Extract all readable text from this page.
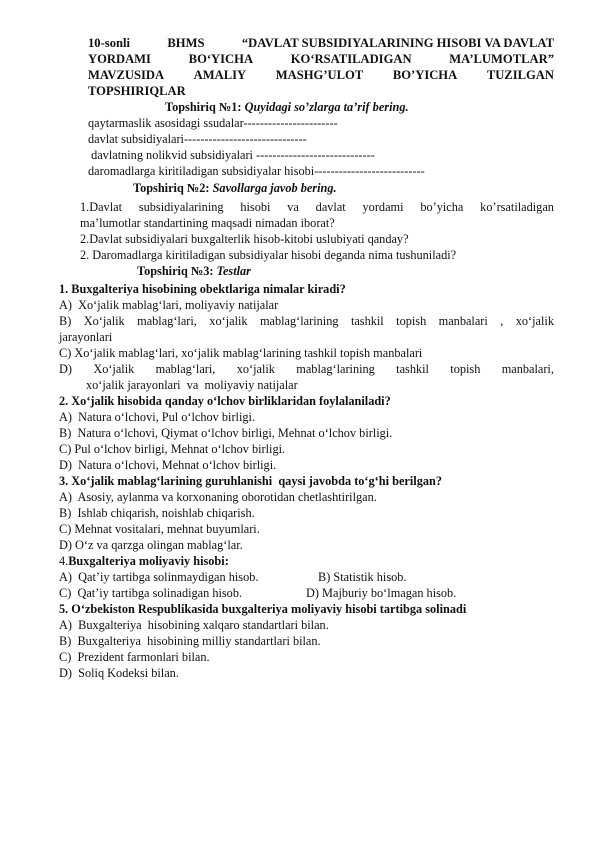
10-sonli	BHMS	“DAVLAT SUBSIDIYALARINING HISOBI VA DAVLAT
YORDAMI	BO‘YICHA	KO‘RSATILADIGAN	MA’LUMOTLAR”
MAVZUSIDA AMALIY MASHG’ULOT BO’YICHA TUZILGAN
TOPSHIRIQLAR
Topshiriq №1: Quyidagi so’zlarga ta’rif bering.
qaytarmaslik asosidagi ssudalar-----------------------
davlat subsidiyalari------------------------------
davlatning nolikvid subsidiyalari -----------------------------
daromadlarga kiritiladigan subsidiyalar hisobi---------------------------
Topshiriq №2: Savollarga javob bering.
1.Davlat subsidiyalarining hisobi va davlat yordami bo’yicha ko’rsatiladigan
ma’lumotlar standartining maqsadi nimadan iborat?
2.Davlat subsidiyalari buxgalterlik hisob-kitobi uslubiyati qanday?
2. Daromadlarga kiritiladigan subsidiyalar hisobi deganda nima tushuniladi?
Topshiriq №3: Testlar
1. Buxgalteriya hisobining obektlariga nimalar kiradi?
A)  Xo‘jalik mablag‘lari, moliyaviy natijalar
B) Xo‘jalik mablag‘lari, xo‘jalik mablag‘larining tashkil topish manbalari , xo‘jalik
jarayonlari
C) Xo‘jalik mablag‘lari, xo‘jalik mablag‘larining tashkil topish manbalari
D) Xo‘jalik mablag‘lari, xo‘jalik mablag‘larining tashkil topish manbalari,
xo‘jalik jarayonlari  va  moliyaviy natijalar
2. Xo‘jalik hisobida qanday o‘lchov birliklaridan foylalaniladi?
A)  Natura o‘lchovi, Pul o‘lchov birligi.
B)  Natura o‘lchovi, Qiymat o‘lchov birligi, Mehnat o‘lchov birligi.
C) Pul o‘lchov birligi, Mehnat o‘lchov birligi.
D)  Natura o‘lchovi, Mehnat o‘lchov birligi.
3. Xo‘jalik mablag‘larining guruhlanishi  qaysi javobda to‘g‘hi berilgan?
A)  Asosiy, aylanma va korxonaning oborotidan chetlashtirilgan.
B)  Ishlab chiqarish, noishlab chiqarish.
C) Mehnat vositalari, mehnat buyumlari.
D) O‘z va qarzga olingan mablag‘lar.
4.Buxgalteriya moliyaviy hisobi:
A)  Qat’iy tartibga solinmaydigan hisob.	B) Statistik hisob.
C)  Qat’iy tartibga solinadigan hisob.	D) Majburiy bo‘lmagan hisob.
5. O‘zbekiston Respublikasida buxgalteriya moliyaviy hisobi tartibga solinadi
A)  Buxgalteriya  hisobining xalqaro standartlari bilan.
B)  Buxgalteriya  hisobining milliy standartlari bilan.
C)  Prezident farmonlari bilan.
D)  Soliq Kodeksi bilan.
